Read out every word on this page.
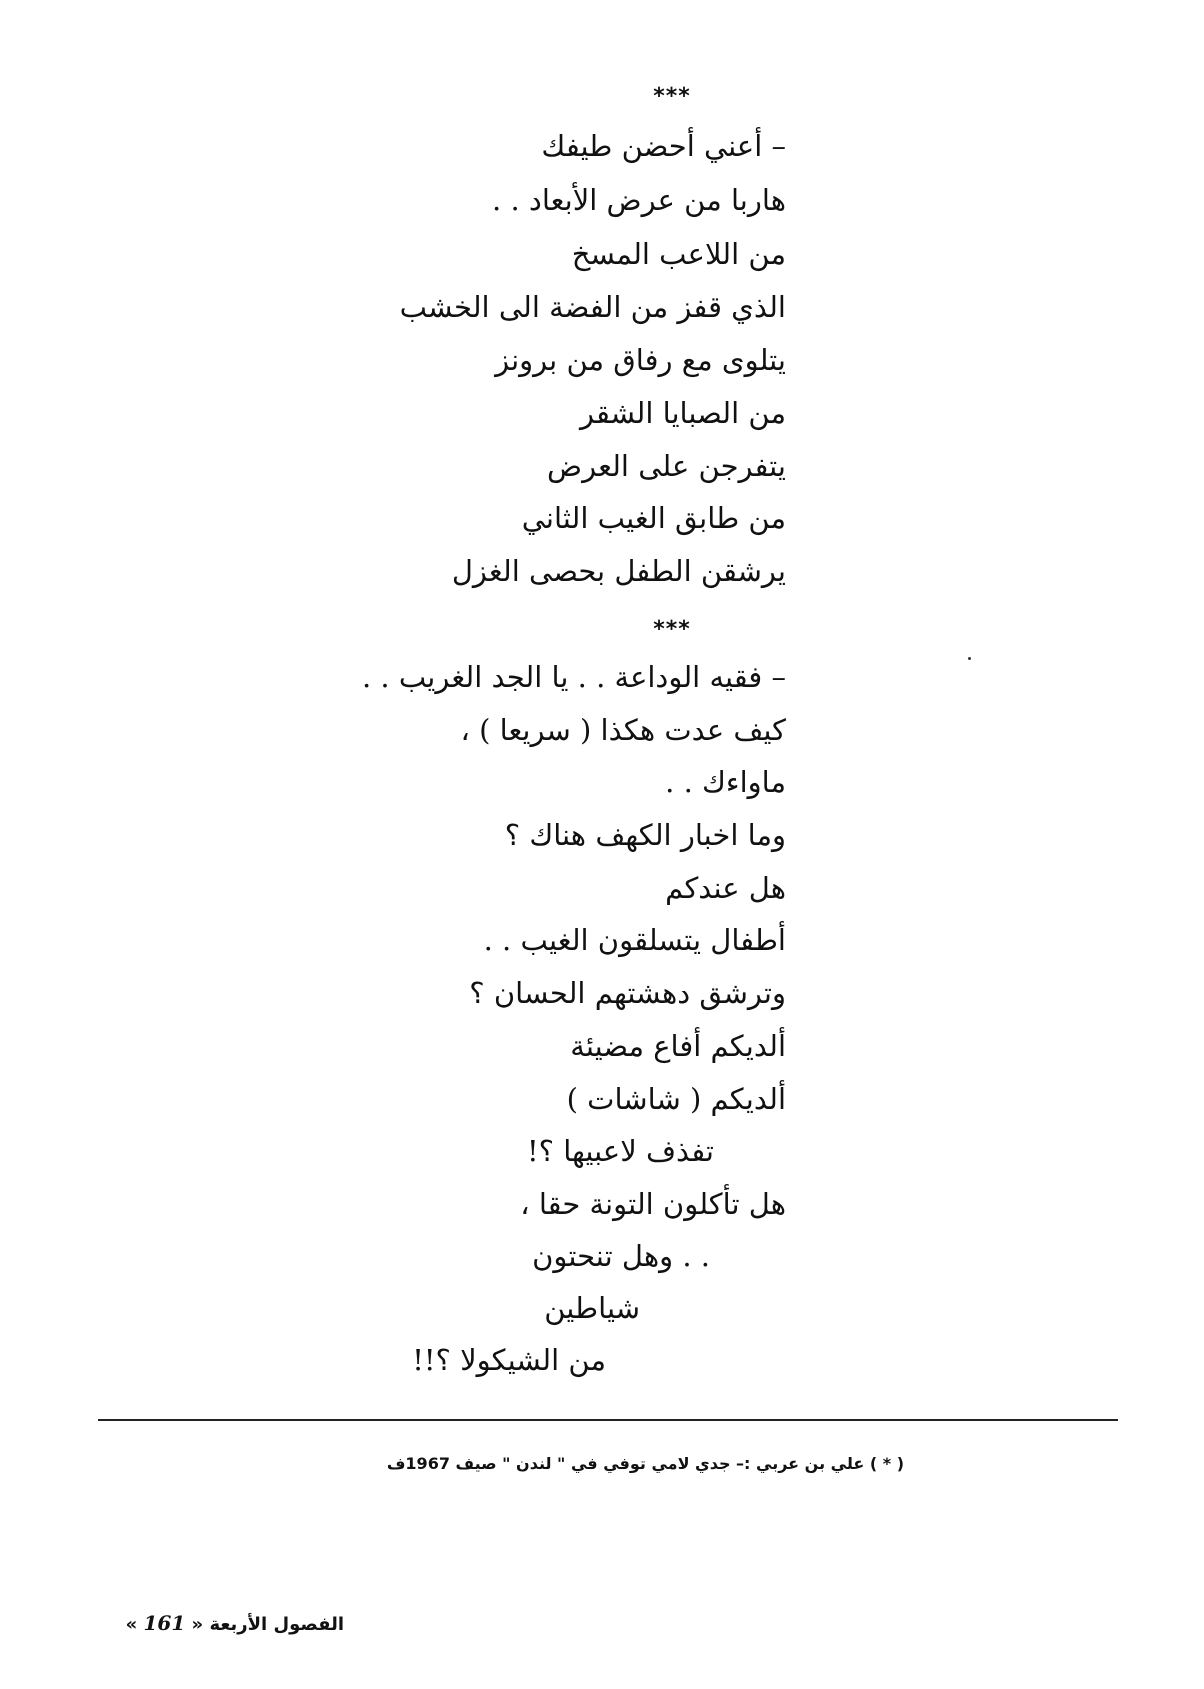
***
– أعني أحضن طيفك
هاربا من عرض الأبعاد . .
من اللاعب المسخ
الذي قفز من الفضة الى الخشب
يتلوى مع رفاق من برونز
من الصبايا الشقر
يتفرجن على العرض
من طابق الغيب الثاني
يرشقن الطفل بحصى الغزل
***
– فقيه الوداعة . . يا الجد الغريب . .
كيف عدت هكذا ( سريعا ) ،
ماواءك . .
وما اخبار الكهف هناك ؟
هل عندكم
أطفال يتسلقون الغيب . .
وترشق دهشتهم الحسان ؟
ألديكم أفاع مضيئة
ألديكم ( شاشات )
تفذف لاعبيها ؟!
هل تأكلون التونة حقا ،
. . وهل تنحتون
شياطين
من الشيكولا ؟!!
( * ) علي بن عربي :– جدي لامي توفي في " لندن " صيف 1967ف
الفصول الأربعة « 161 »
